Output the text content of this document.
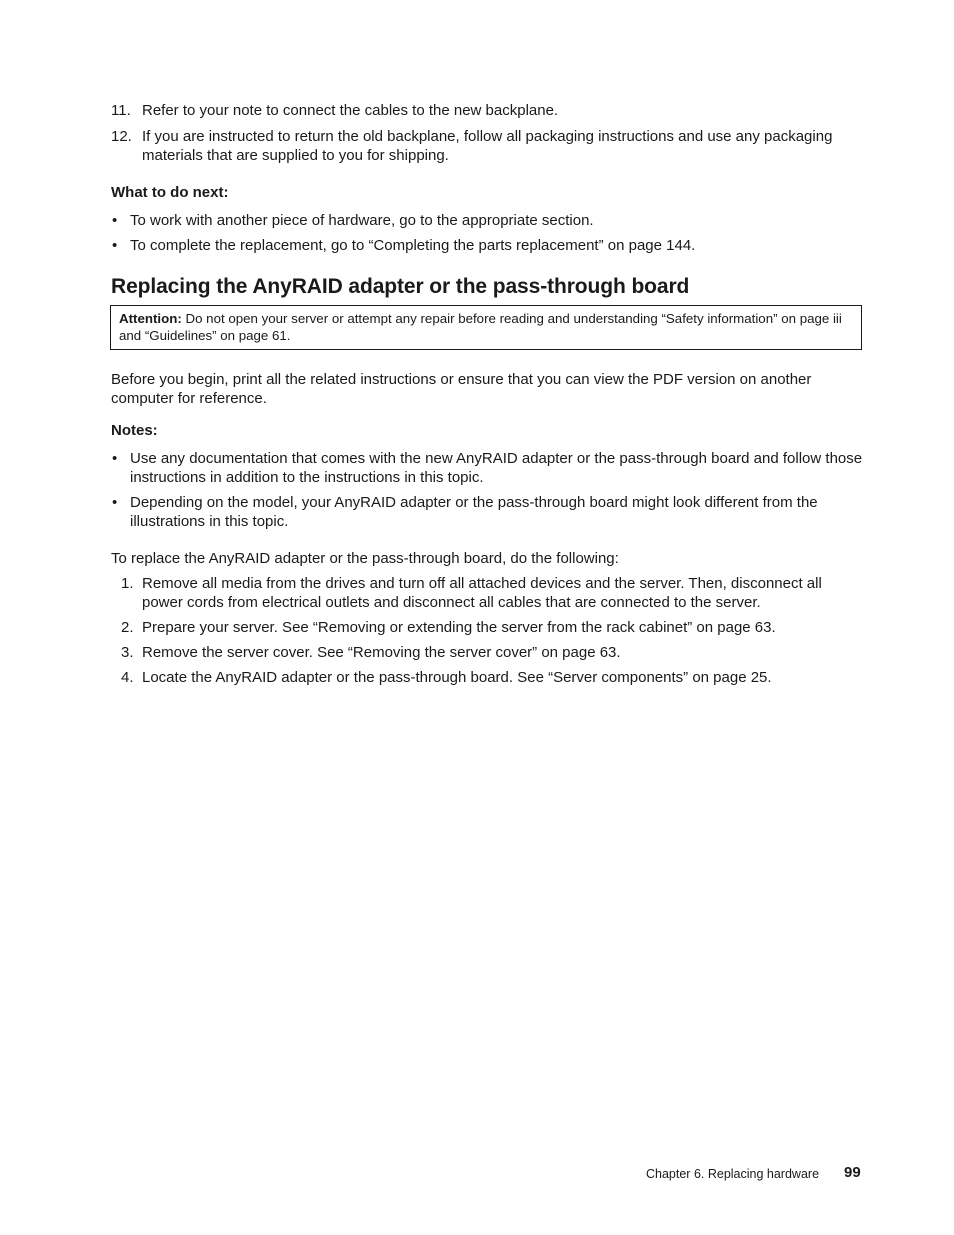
11. Refer to your note to connect the cables to the new backplane.
12. If you are instructed to return the old backplane, follow all packaging instructions and use any packaging materials that are supplied to you for shipping.
What to do next:
• To work with another piece of hardware, go to the appropriate section.
• To complete the replacement, go to “Completing the parts replacement” on page 144.
Replacing the AnyRAID adapter or the pass-through board
Attention: Do not open your server or attempt any repair before reading and understanding “Safety information” on page iii and “Guidelines” on page 61.
Before you begin, print all the related instructions or ensure that you can view the PDF version on another computer for reference.
Notes:
• Use any documentation that comes with the new AnyRAID adapter or the pass-through board and follow those instructions in addition to the instructions in this topic.
• Depending on the model, your AnyRAID adapter or the pass-through board might look different from the illustrations in this topic.
To replace the AnyRAID adapter or the pass-through board, do the following:
1. Remove all media from the drives and turn off all attached devices and the server. Then, disconnect all power cords from electrical outlets and disconnect all cables that are connected to the server.
2. Prepare your server. See “Removing or extending the server from the rack cabinet” on page 63.
3. Remove the server cover. See “Removing the server cover” on page 63.
4. Locate the AnyRAID adapter or the pass-through board. See “Server components” on page 25.
Chapter 6. Replacing hardware 99
